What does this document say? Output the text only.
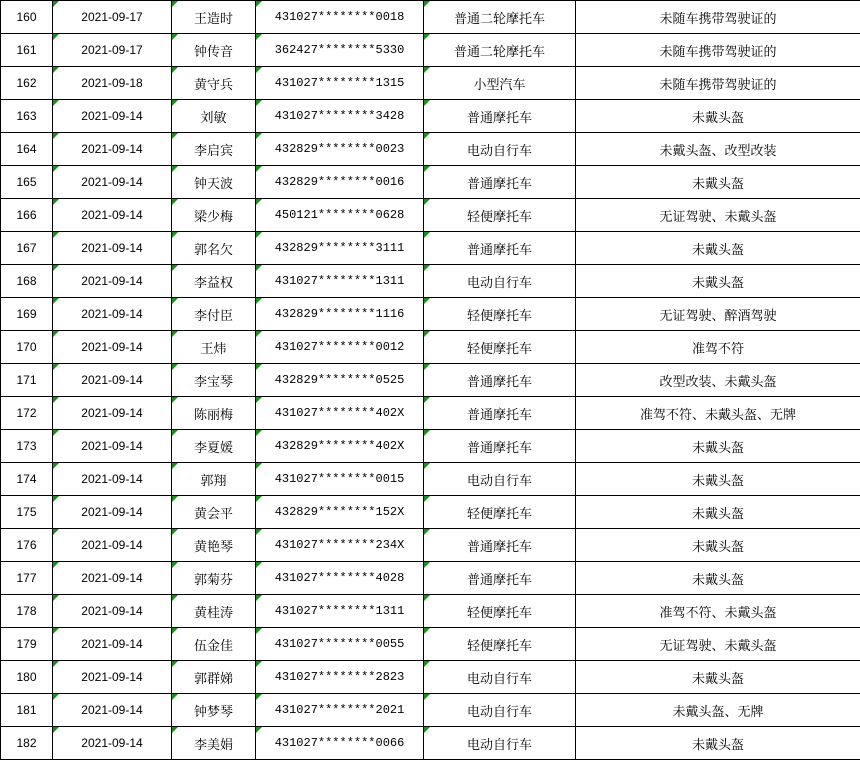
160	2021-09-17	王造时	431027********0018	普通二轮摩托车	未随车携带驾驶证的
161	2021-09-17	钟传音	362427********5330	普通二轮摩托车	未随车携带驾驶证的
162	2021-09-18	黄守兵	431027********1315	小型汽车	未随车携带驾驶证的
163	2021-09-14	刘敏	431027********3428	普通摩托车	未戴头盔
164	2021-09-14	李启宾	432829********0023	电动自行车	未戴头盔、改型改装
165	2021-09-14	钟天波	432829********0016	普通摩托车	未戴头盔
166	2021-09-14	梁少梅	450121********0628	轻便摩托车	无证驾驶、未戴头盔
167	2021-09-14	郭名欠	432829********3111	普通摩托车	未戴头盔
168	2021-09-14	李益权	431027********1311	电动自行车	未戴头盔
169	2021-09-14	李付臣	432829********1116	轻便摩托车	无证驾驶、醉酒驾驶
170	2021-09-14	王炜	431027********0012	轻便摩托车	准驾不符
171	2021-09-14	李宝琴	432829********0525	普通摩托车	改型改装、未戴头盔
172	2021-09-14	陈丽梅	431027********402X	普通摩托车	准驾不符、未戴头盔、无牌
173	2021-09-14	李夏媛	432829********402X	普通摩托车	未戴头盔
174	2021-09-14	郭翔	431027********0015	电动自行车	未戴头盔
175	2021-09-14	黄会平	432829********152X	轻便摩托车	未戴头盔
176	2021-09-14	黄艳琴	431027********234X	普通摩托车	未戴头盔
177	2021-09-14	郭菊芬	431027********4028	普通摩托车	未戴头盔
178	2021-09-14	黄桂涛	431027********1311	轻便摩托车	准驾不符、未戴头盔
179	2021-09-14	伍金佳	431027********0055	轻便摩托车	无证驾驶、未戴头盔
180	2021-09-14	郭群娣	431027********2823	电动自行车	未戴头盔
181	2021-09-14	钟梦琴	431027********2021	电动自行车	未戴头盔、无牌
182	2021-09-14	李美娟	431027********0066	电动自行车	未戴头盔
